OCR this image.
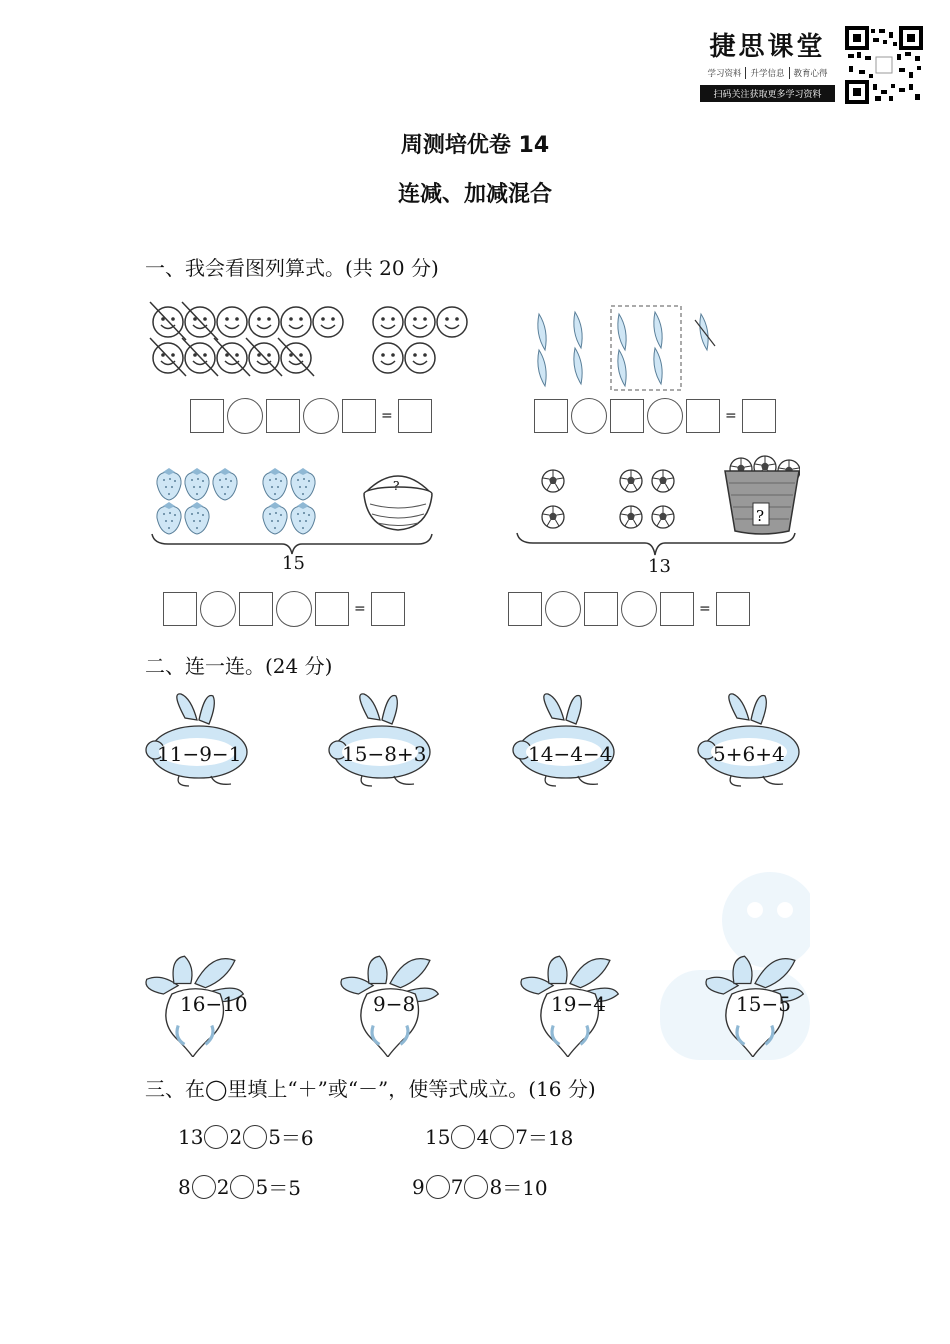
捷思课堂
学习资料	升学信息	教育心得
扫码关注获取更多学习资料
周测培优卷 14
连减、加减混合
一、我会看图列算式。(共 20 分)
=	=
?
15
?
13
=	=
二、连一连。(24 分)
11−9−1	15−8+3	14−4−4	5+6+4
16−10	9−8	19−4	15−5
三、在◯里填上“＋”或“－”，使等式成立。(16 分)
13 2 5 ＝6	15 4 7 ＝18
8 2 5 ＝5	9 7 8 ＝10
